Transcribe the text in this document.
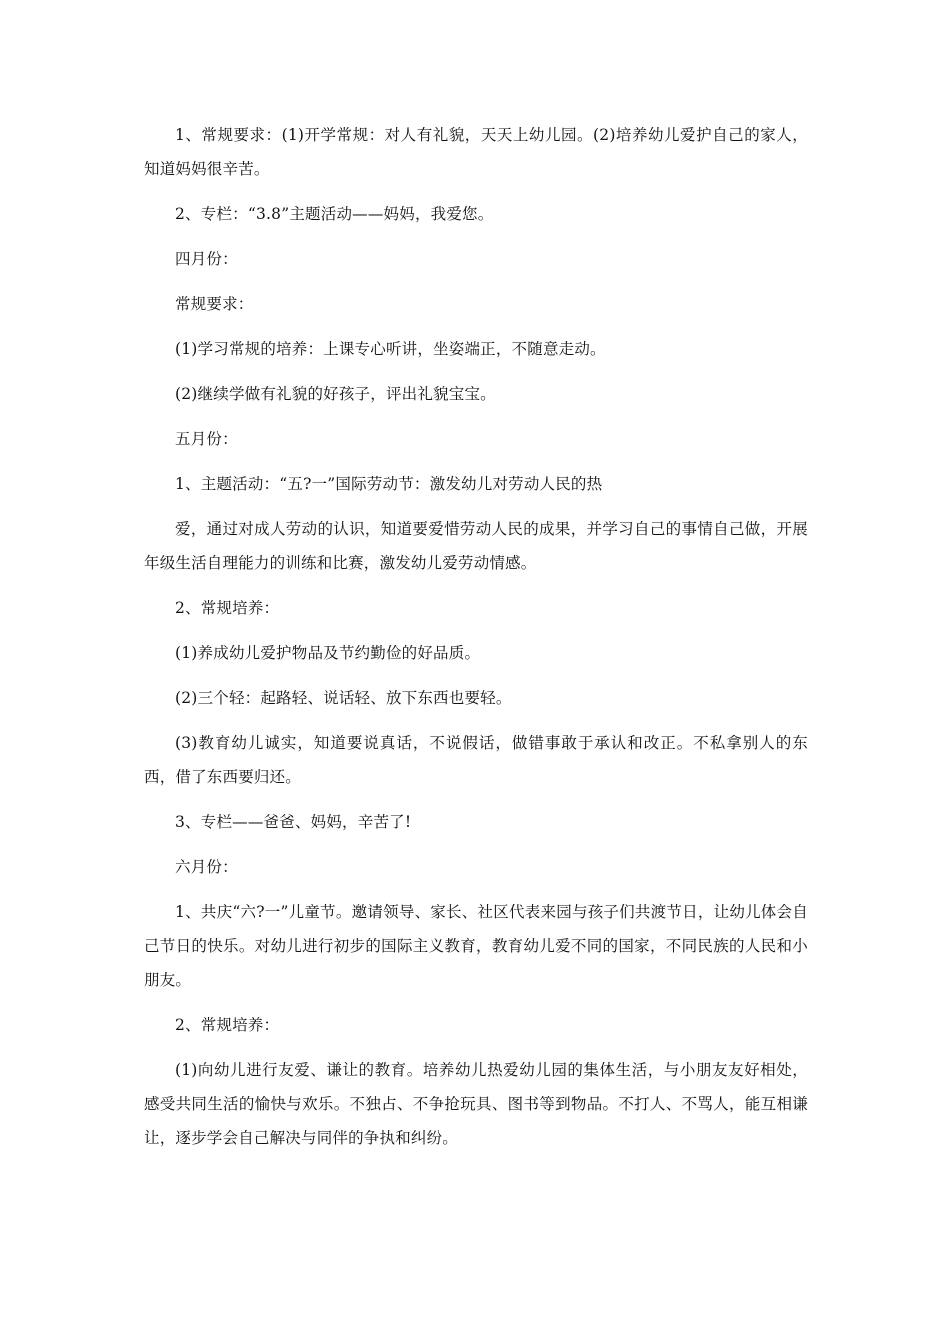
1、常规要求：(1)开学常规：对人有礼貌，天天上幼儿园。(2)培养幼儿爱护自己的家人，知道妈妈很辛苦。

2、专栏：“3.8”主题活动——妈妈，我爱您。

四月份：

常规要求：

(1)学习常规的培养：上课专心听讲，坐姿端正，不随意走动。

(2)继续学做有礼貌的好孩子，评出礼貌宝宝。

五月份：

1、主题活动：“五?一”国际劳动节：激发幼儿对劳动人民的热

爱，通过对成人劳动的认识，知道要爱惜劳动人民的成果，并学习自己的事情自己做，开展年级生活自理能力的训练和比赛，激发幼儿爱劳动情感。

2、常规培养：

(1)养成幼儿爱护物品及节约勤俭的好品质。

(2)三个轻：起路轻、说话轻、放下东西也要轻。

(3)教育幼儿诚实，知道要说真话，不说假话，做错事敢于承认和改正。不私拿别人的东西，借了东西要归还。

3、专栏——爸爸、妈妈，辛苦了!

六月份：

1、共庆“六?一”儿童节。邀请领导、家长、社区代表来园与孩子们共渡节日，让幼儿体会自己节日的快乐。对幼儿进行初步的国际主义教育，教育幼儿爱不同的国家，不同民族的人民和小朋友。

2、常规培养：

(1)向幼儿进行友爱、谦让的教育。培养幼儿热爱幼儿园的集体生活，与小朋友友好相处，感受共同生活的愉快与欢乐。不独占、不争抢玩具、图书等到物品。不打人、不骂人，能互相谦让，逐步学会自己解决与同伴的争执和纠纷。
